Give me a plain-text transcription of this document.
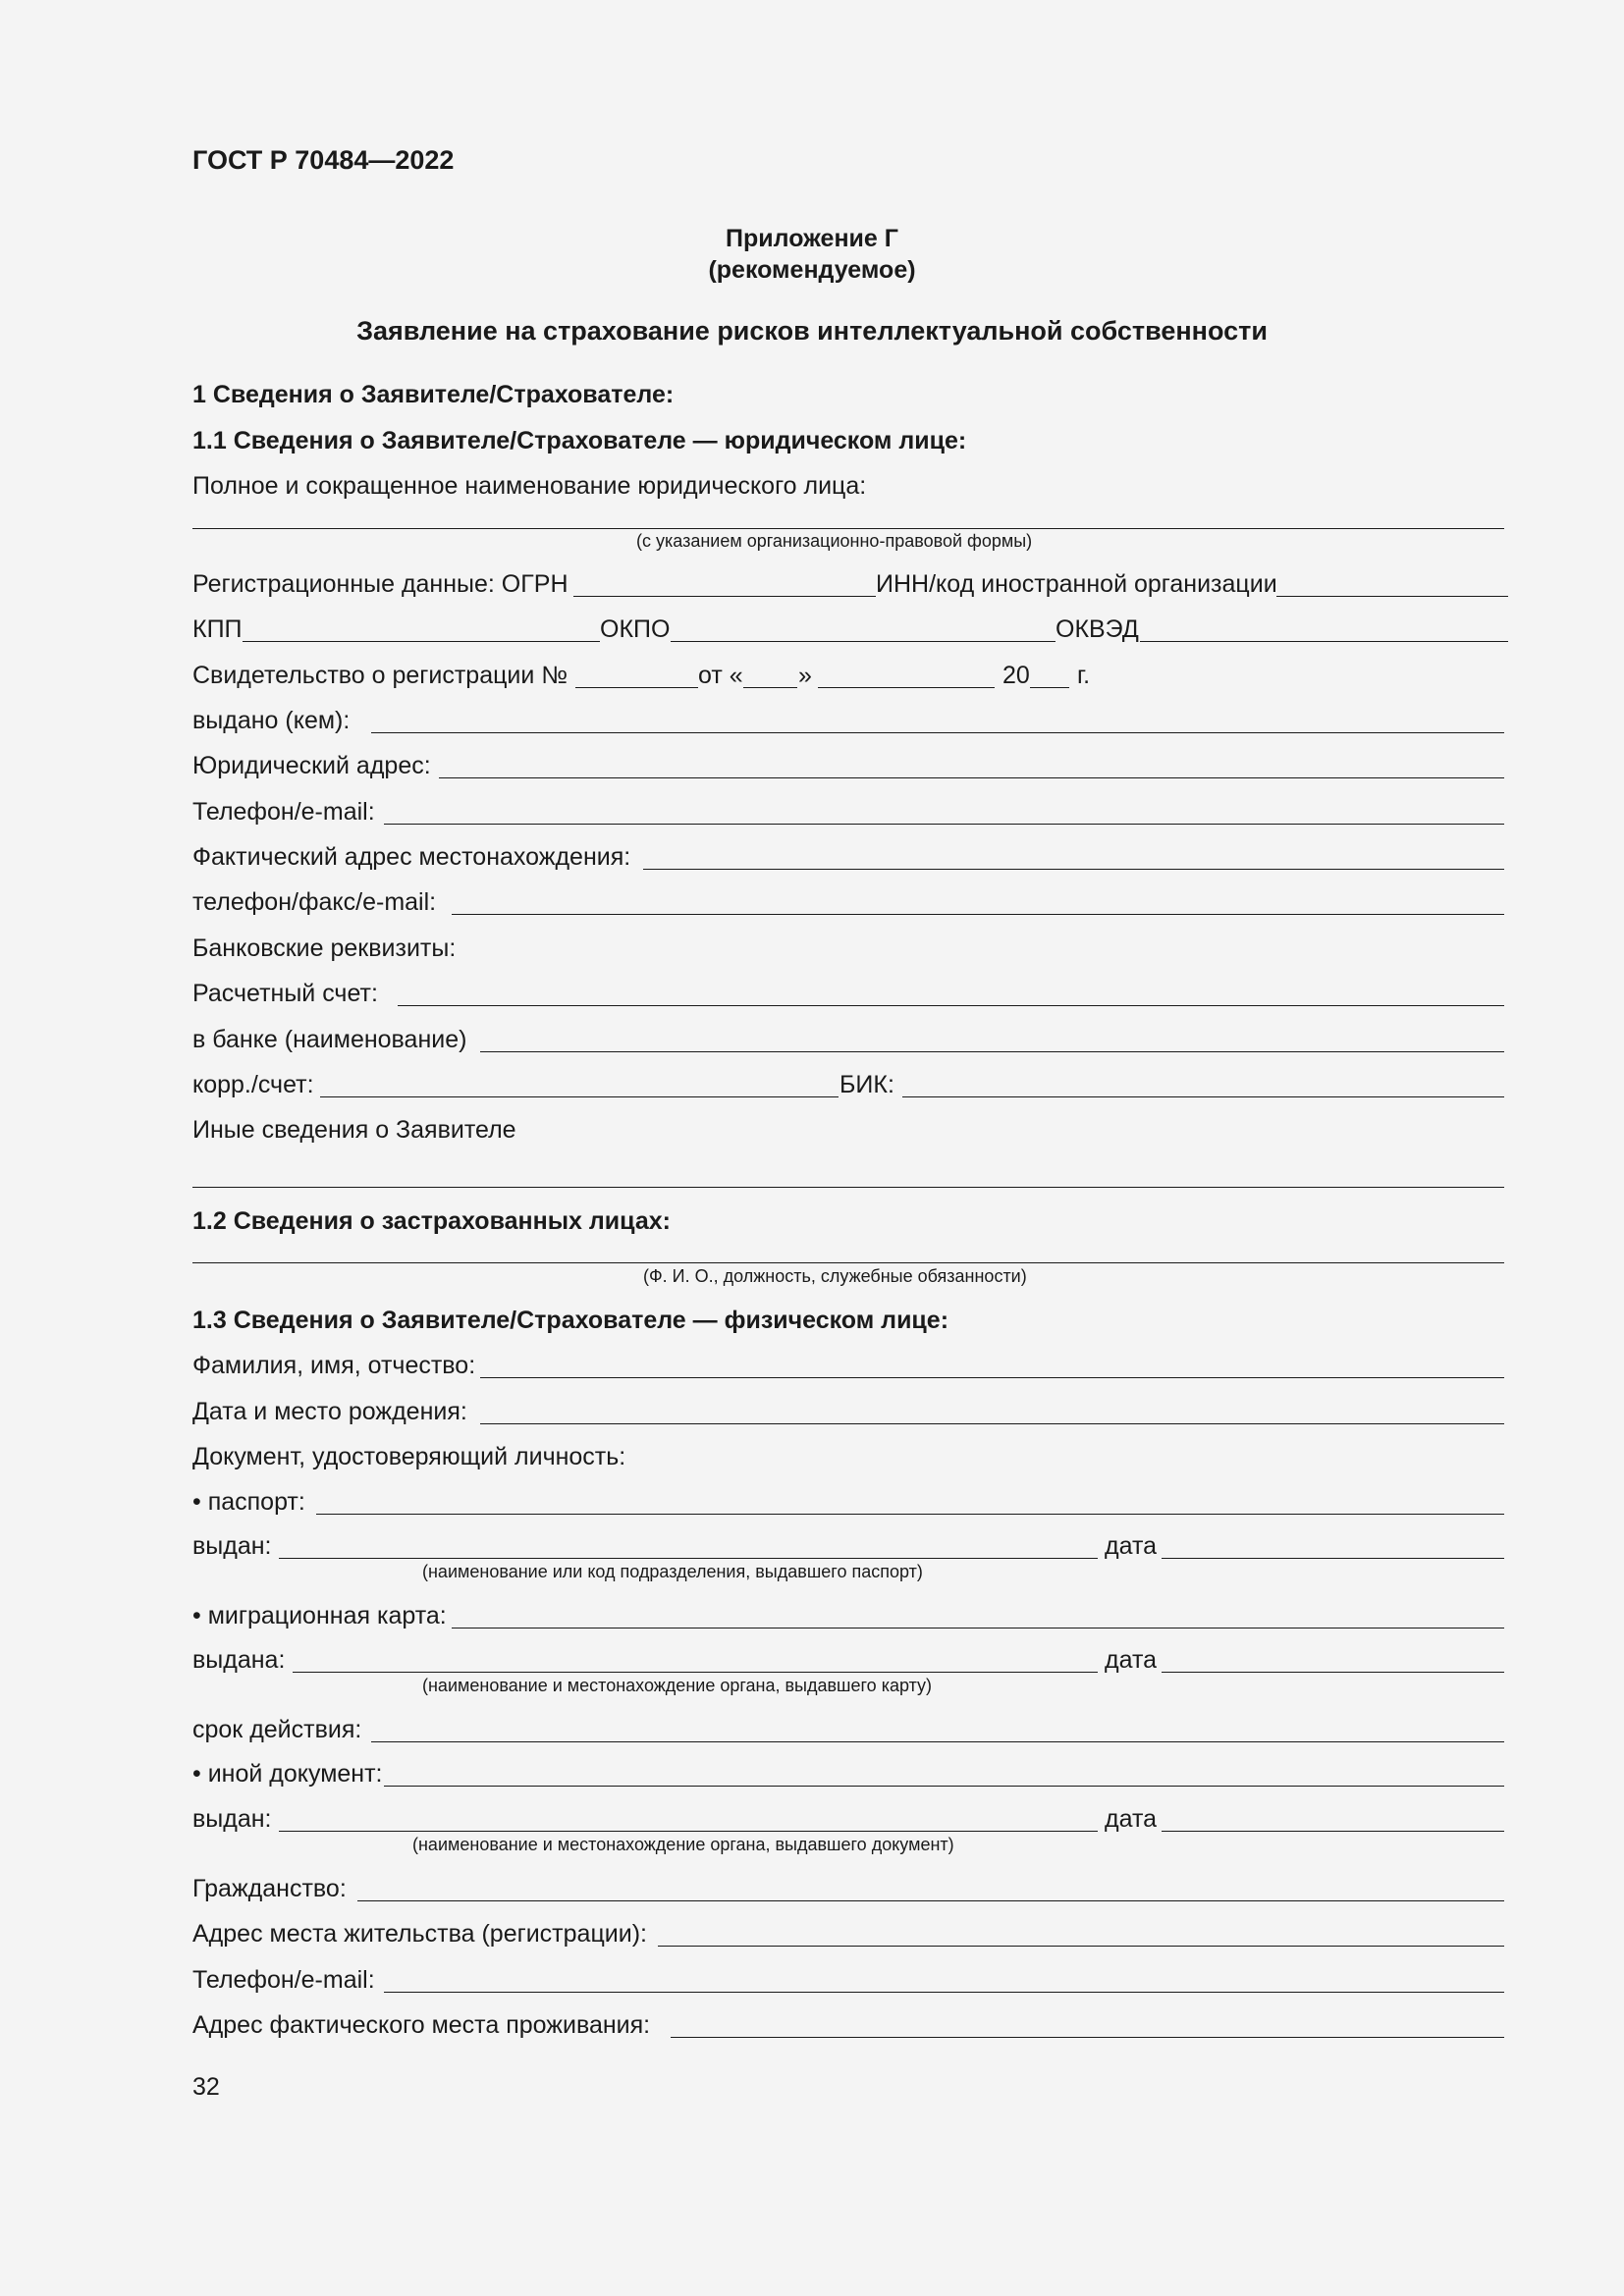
ГОСТ Р 70484—2022
Приложение Г
(рекомендуемое)
Заявление на страхование рисков интеллектуальной собственности
1 Сведения о Заявителе/Страхователе:
1.1 Сведения о Заявителе/Страхователе — юридическом лице:
Полное и сокращенное наименование юридического лица:
(с указанием организационно-правовой формы)
Регистрационные данные: ОГРН	ИНН/код иностранной организации
КПП	ОКПО	ОКВЭД
Свидетельство о регистрации №	от « »	20 г.
выдано (кем):
Юридический адрес:
Телефон/e-mail:
Фактический адрес местонахождения:
телефон/факс/e-mail:
Банковские реквизиты:
Расчетный счет:
в банке (наименование)
корр./счет:	БИК:
Иные сведения о Заявителе
1.2 Сведения о застрахованных лицах:
(Ф. И. О., должность, служебные обязанности)
1.3 Сведения о Заявителе/Страхователе — физическом лице:
Фамилия, имя, отчество:
Дата и место рождения:
Документ, удостоверяющий личность:
• паспорт:
выдан:	дата
(наименование или код подразделения, выдавшего паспорт)
• миграционная карта:
выдана:	дата
(наименование и местонахождение органа, выдавшего карту)
срок действия:
• иной документ:
выдан:	дата
(наименование и местонахождение органа, выдавшего документ)
Гражданство:
Адрес места жительства (регистрации):
Телефон/e-mail:
Адрес фактического места проживания:
32
